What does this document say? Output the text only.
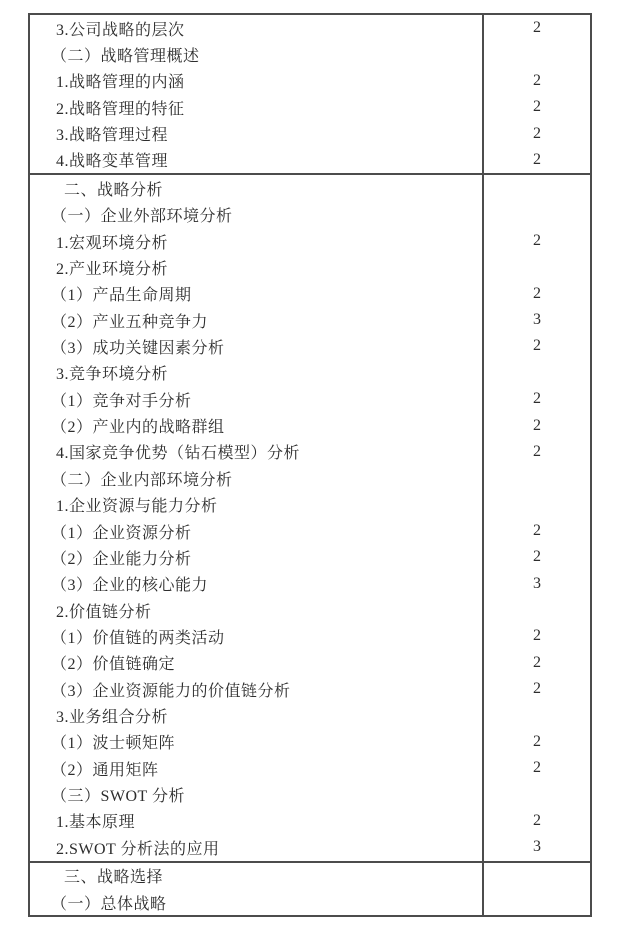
3.公司战略的层次	2
（二）战略管理概述
1.战略管理的内涵	2
2.战略管理的特征	2
3.战略管理过程	2
4.战略变革管理	2
二、战略分析
（一）企业外部环境分析
1.宏观环境分析	2
2.产业环境分析
（1）产品生命周期	2
（2）产业五种竞争力	3
（3）成功关键因素分析	2
3.竞争环境分析
（1）竞争对手分析	2
（2）产业内的战略群组	2
4.国家竞争优势（钻石模型）分析	2
（二）企业内部环境分析
1.企业资源与能力分析
（1）企业资源分析	2
（2）企业能力分析	2
（3）企业的核心能力	3
2.价值链分析
（1）价值链的两类活动	2
（2）价值链确定	2
（3）企业资源能力的价值链分析	2
3.业务组合分析
（1）波士顿矩阵	2
（2）通用矩阵	2
（三）SWOT 分析
1.基本原理	2
2.SWOT 分析法的应用	3
三、战略选择
（一）总体战略
